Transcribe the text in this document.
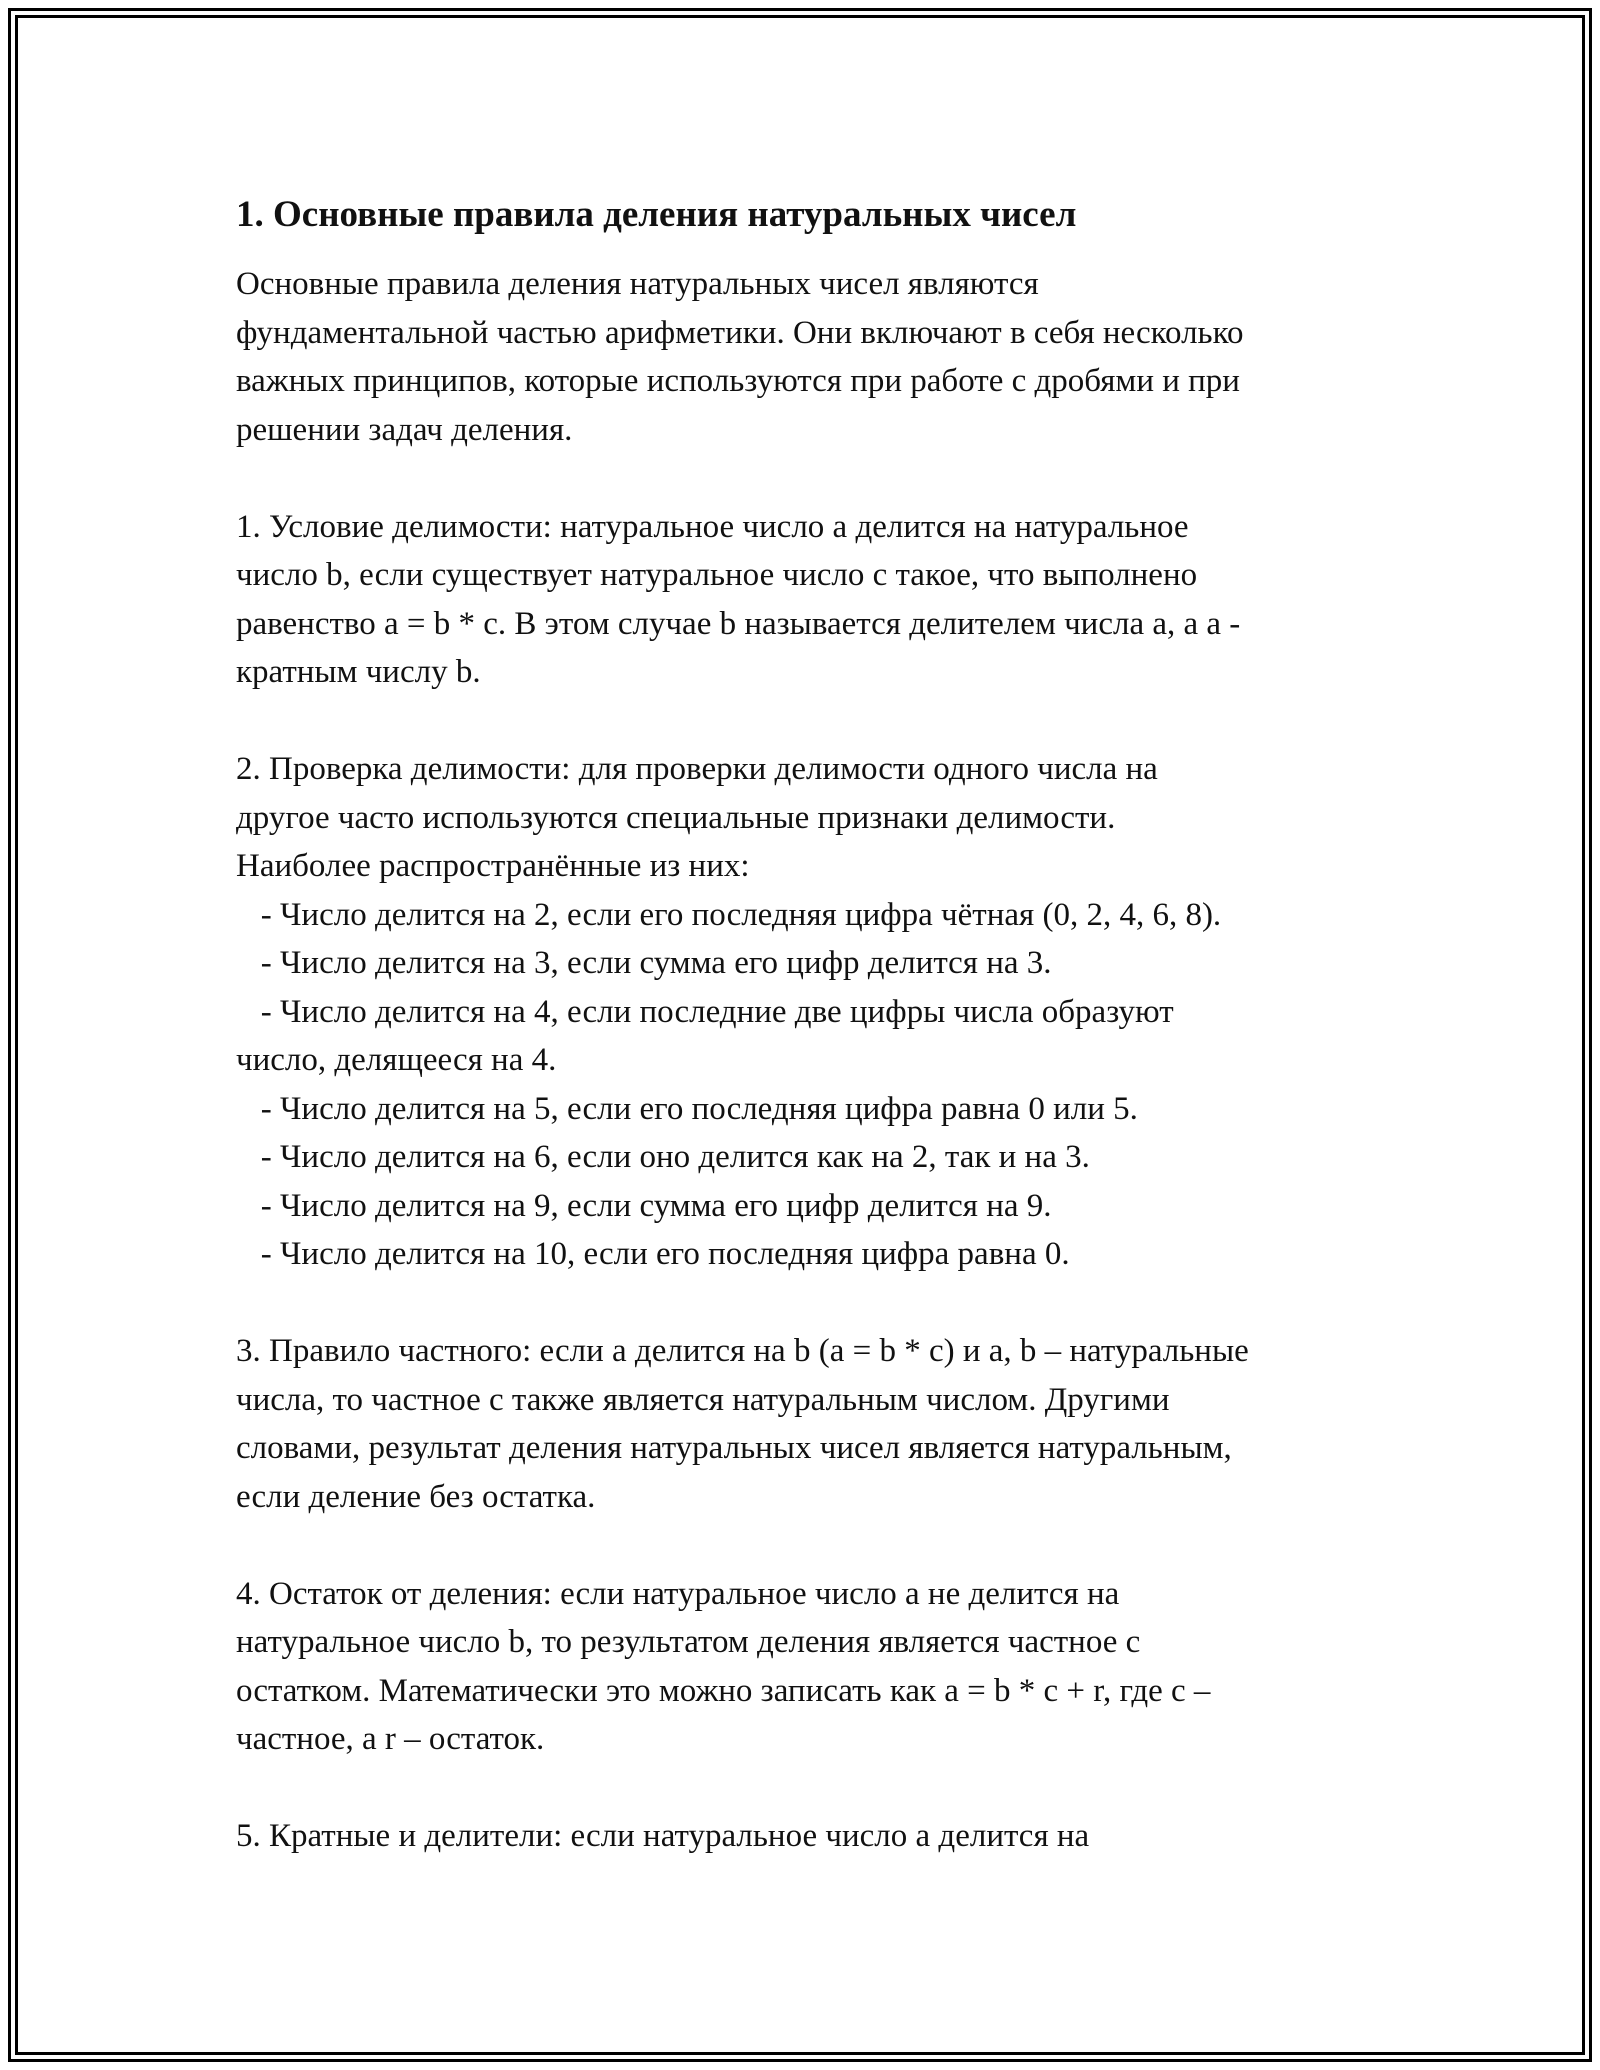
1. Основные правила деления натуральных чисел
Основные правила деления натуральных чисел являются
фундаментальной частью арифметики. Они включают в себя несколько
важных принципов, которые используются при работе с дробями и при
решении задач деления.
1. Условие делимости: натуральное число a делится на натуральное
число b, если существует натуральное число c такое, что выполнено
равенство a = b * c. В этом случае b называется делителем числа a, а a -
кратным числу b.
2. Проверка делимости: для проверки делимости одного числа на
другое часто используются специальные признаки делимости.
Наиболее распространённые из них:
- Число делится на 2, если его последняя цифра чётная (0, 2, 4, 6, 8).
- Число делится на 3, если сумма его цифр делится на 3.
- Число делится на 4, если последние две цифры числа образуют
число, делящееся на 4.
- Число делится на 5, если его последняя цифра равна 0 или 5.
- Число делится на 6, если оно делится как на 2, так и на 3.
- Число делится на 9, если сумма его цифр делится на 9.
- Число делится на 10, если его последняя цифра равна 0.
3. Правило частного: если a делится на b (a = b * c) и a, b – натуральные
числа, то частное c также является натуральным числом. Другими
словами, результат деления натуральных чисел является натуральным,
если деление без остатка.
4. Остаток от деления: если натуральное число a не делится на
натуральное число b, то результатом деления является частное c
остатком. Математически это можно записать как a = b * c + r, где c –
частное, a r – остаток.
5. Кратные и делители: если натуральное число a делится на
